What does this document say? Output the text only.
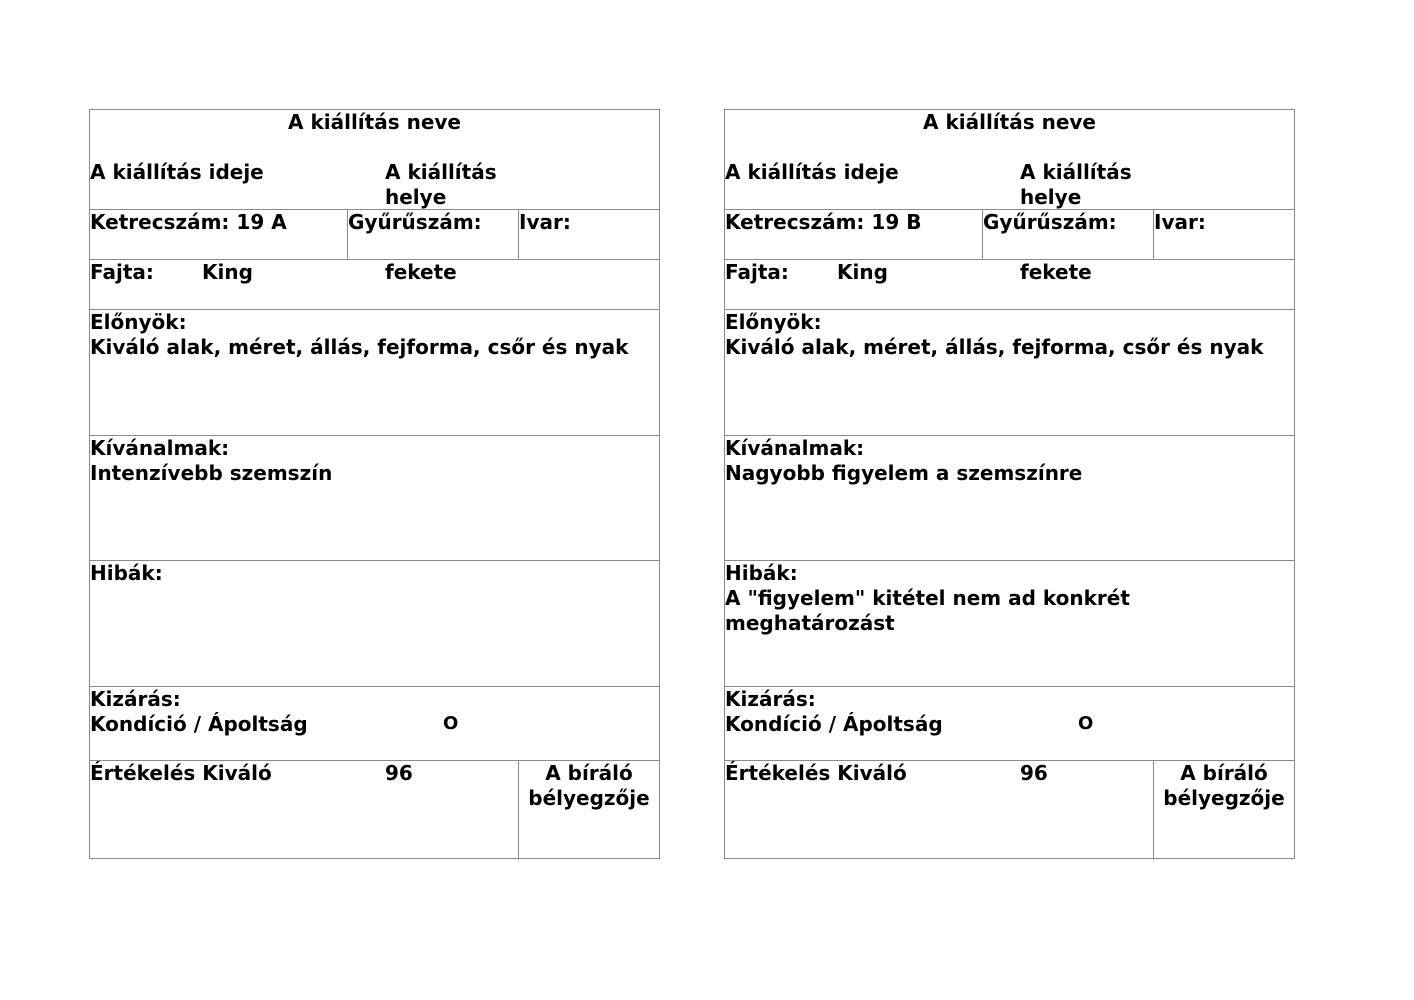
A kiállítás neve
A kiállítás ideje	A kiállítás helye
Ketrecszám: 19 A	Gyűrűszám: Ivar:
Fajta: King	fekete
Előnyök:
Kiváló alak, méret, állás, fejforma, csőr és nyak
Kívánalmak:
Intenzívebb szemszín
Hibák:
Kizárás:
Kondíció / Ápoltság	O
Értékelés Kiváló	96	A bíráló bélyegzője
A kiállítás neve
A kiállítás ideje	A kiállítás helye
Ketrecszám: 19 B	Gyűrűszám: Ivar:
Fajta: King	fekete
Előnyök:
Kiváló alak, méret, állás, fejforma, csőr és nyak
Kívánalmak:
Nagyobb figyelem a szemszínre
Hibák:
A "figyelem" kitétel nem ad konkrét meghatározást
Kizárás:
Kondíció / Ápoltság	O
Értékelés Kiváló	96	A bíráló bélyegzője
